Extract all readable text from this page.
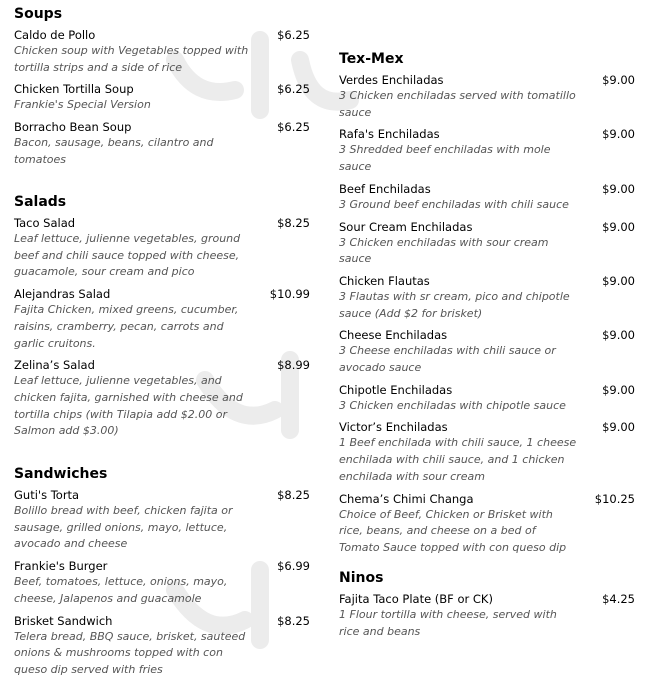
Soups
Caldo de Pollo	$6.25
Chicken soup with Vegetables topped with tortilla strips and a side of rice
Chicken Tortilla Soup	$6.25
Frankie's Special Version
Borracho Bean Soup	$6.25
Bacon, sausage, beans, cilantro and tomatoes
Salads
Taco Salad	$8.25
Leaf lettuce, julienne vegetables, ground beef and chili sauce topped with cheese, guacamole, sour cream and pico
Alejandras Salad	$10.99
Fajita Chicken, mixed greens, cucumber, raisins, cramberry, pecan, carrots and garlic cruitons.
Zelina’s Salad	$8.99
Leaf lettuce, julienne vegetables, and chicken fajita, garnished with cheese and tortilla chips (with Tilapia add $2.00 or Salmon add $3.00)
Sandwiches
Guti's Torta	$8.25
Bolillo bread with beef, chicken fajita or sausage, grilled onions, mayo, lettuce, avocado and cheese
Frankie's Burger	$6.99
Beef, tomatoes, lettuce, onions, mayo, cheese, Jalapenos and guacamole
Brisket Sandwich	$8.25
Telera bread, BBQ sauce, brisket, sauteed onions & mushrooms topped with con queso dip served with fries
Tex-Mex
Verdes Enchiladas	$9.00
3 Chicken enchiladas served with tomatillo sauce
Rafa's Enchiladas	$9.00
3 Shredded beef enchiladas with mole sauce
Beef Enchiladas	$9.00
3 Ground beef enchiladas with chili sauce
Sour Cream Enchiladas	$9.00
3 Chicken enchiladas with sour cream sauce
Chicken Flautas	$9.00
3 Flautas with sr cream, pico and chipotle sauce (Add $2 for brisket)
Cheese Enchiladas	$9.00
3 Cheese enchiladas with chili sauce or avocado sauce
Chipotle Enchiladas	$9.00
3 Chicken enchiladas with chipotle sauce
Victor’s Enchiladas	$9.00
1 Beef enchilada with chili sauce, 1 cheese enchilada with chili sauce, and 1 chicken enchilada with sour cream
Chema’s Chimi Changa	$10.25
Choice of Beef, Chicken or Brisket with rice, beans, and cheese on a bed of Tomato Sauce topped with con queso dip
Ninos
Fajita Taco Plate (BF or CK)	$4.25
1 Flour tortilla with cheese, served with rice and beans
